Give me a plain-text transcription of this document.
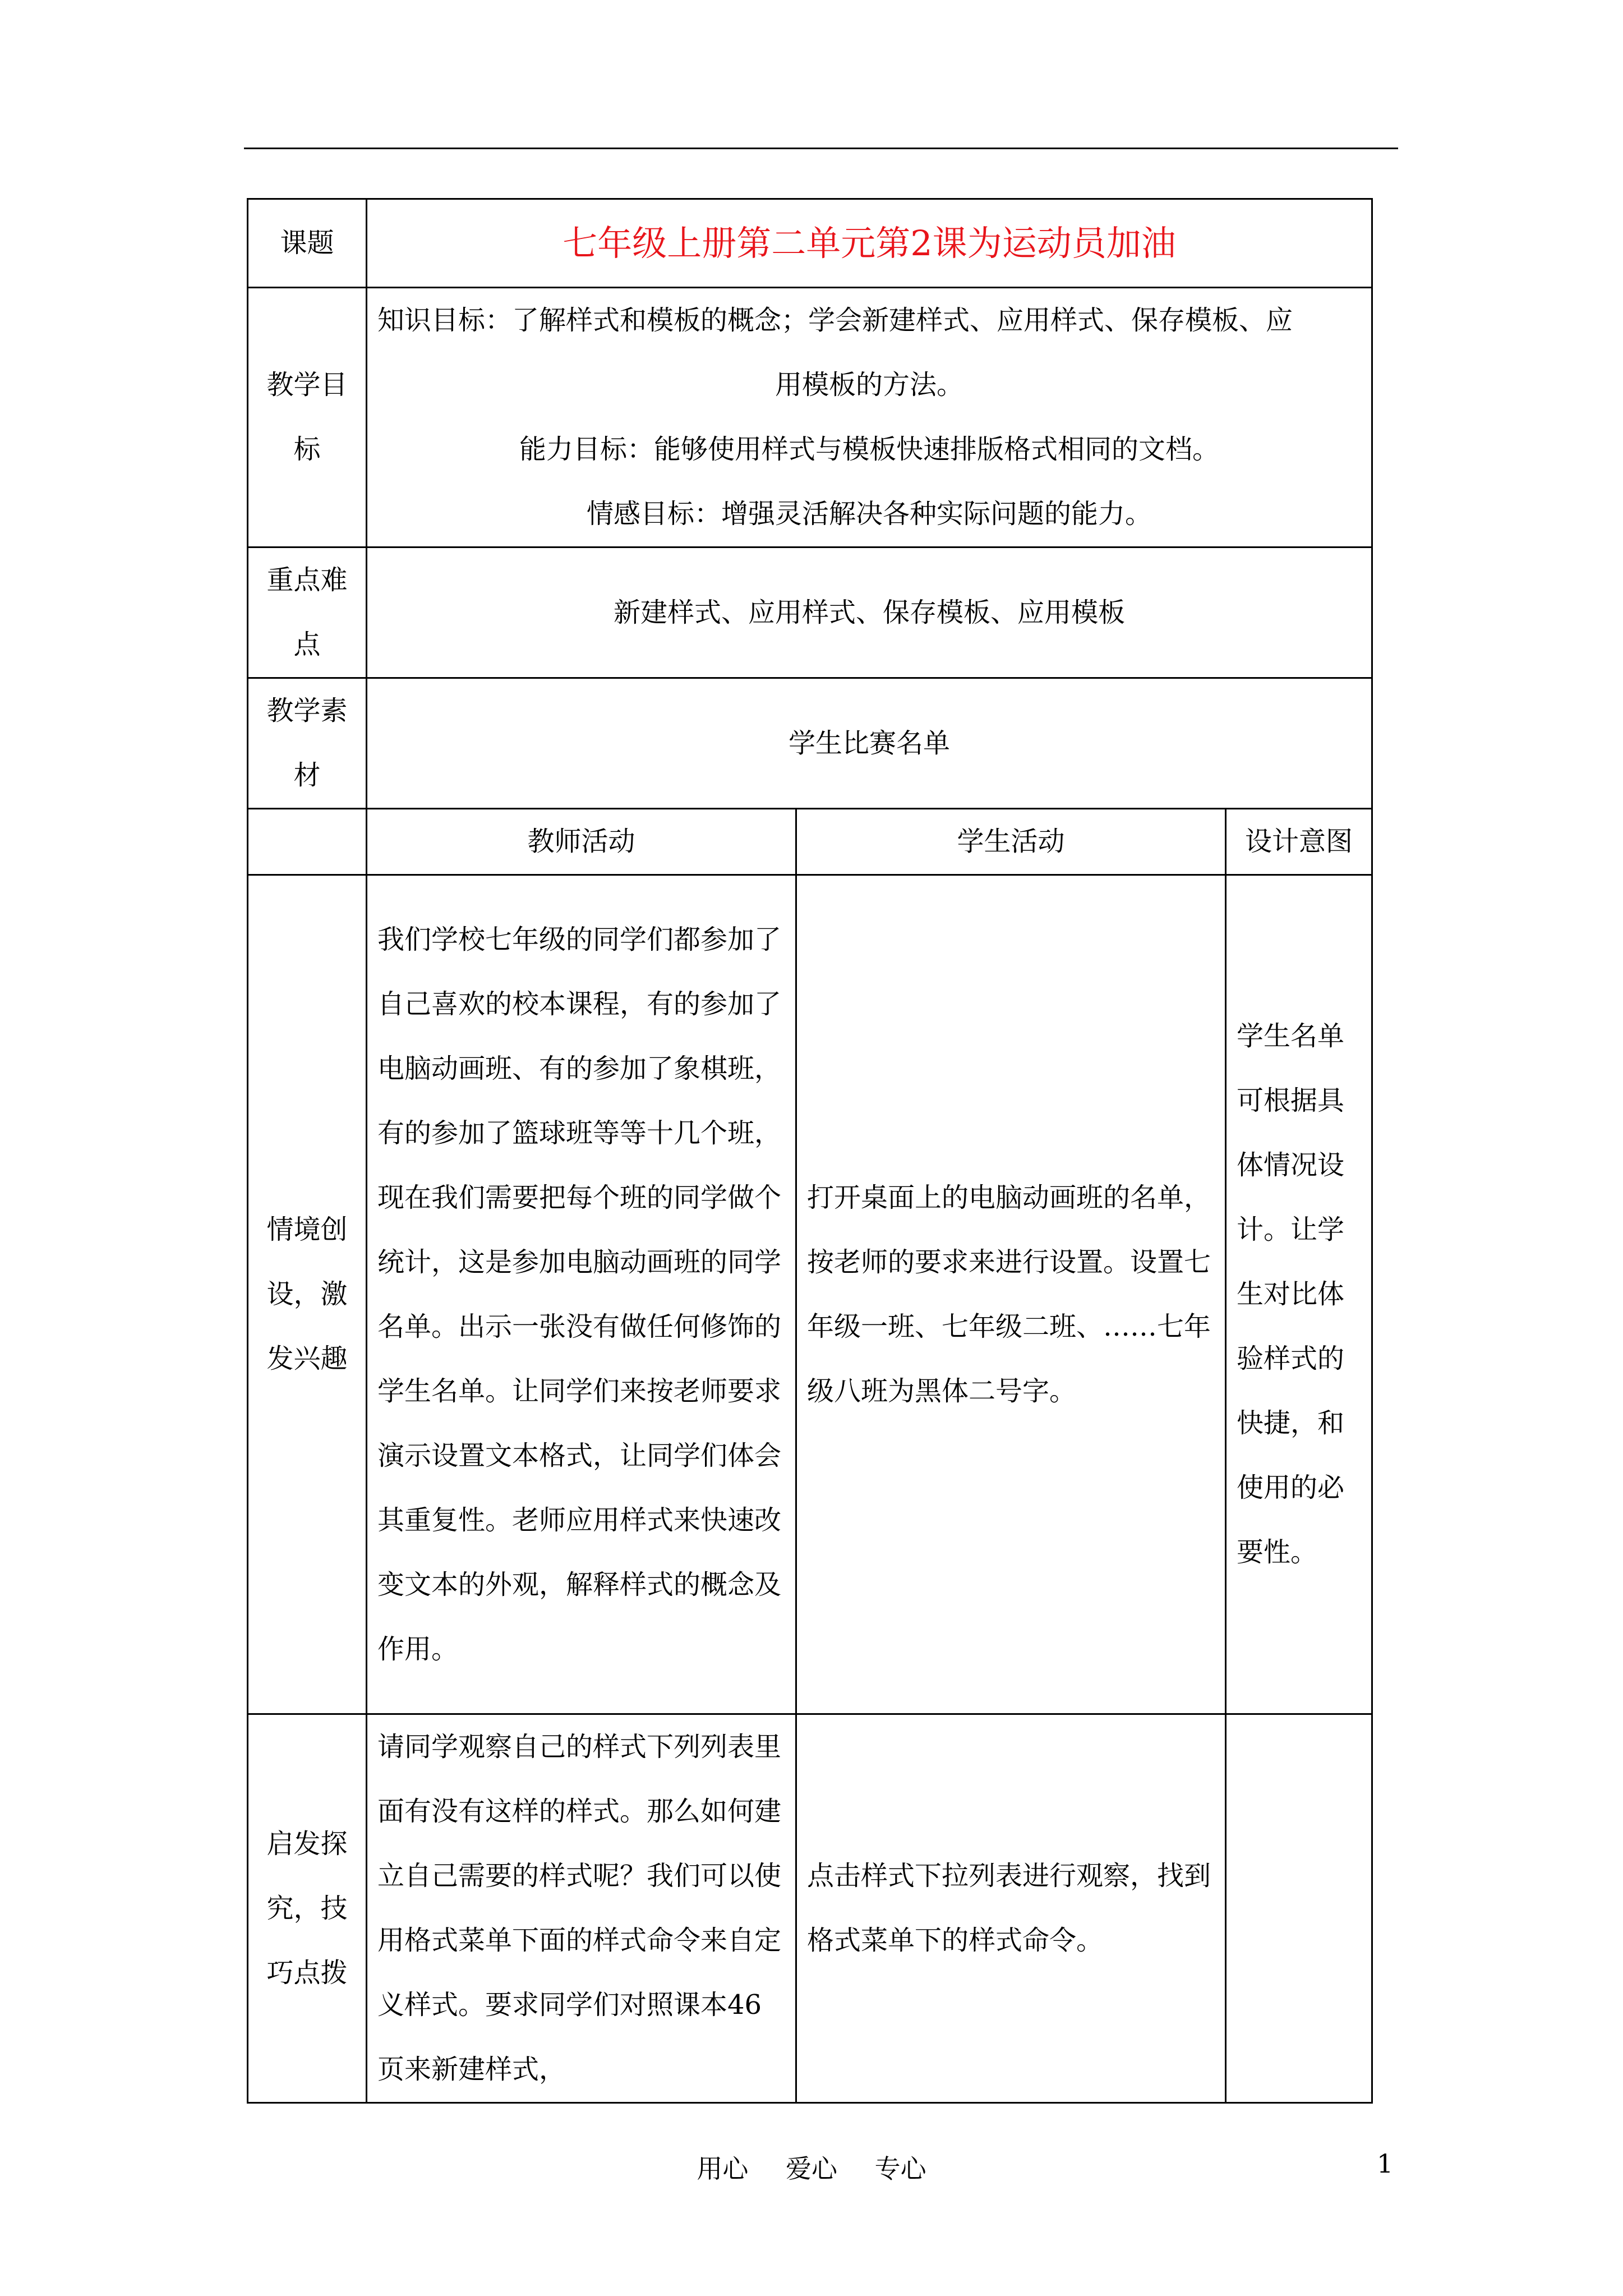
课题	七年级上册第二单元第2课为运动员加油		
教学目标	知识目标：了解样式和模板的概念；学会新建样式、应用样式、保存模板、应
用模板的方法。
能力目标：能够使用样式与模板快速排版格式相同的文档。
情感目标：增强灵活解决各种实际问题的能力。		

重点难点	新建样式、应用样式、保存模板、应用模板		
教学素材	学生比赛名单		
	教师活动	学生活动	设计意图
情境创设，激发兴趣	我们学校七年级的同学们都参加了自己喜欢的校本课程，有的参加了电脑动画班、有的参加了象棋班，有的参加了篮球班等等十几个班，现在我们需要把每个班的同学做个统计，这是参加电脑动画班的同学名单。出示一张没有做任何修饰的学生名单。让同学们来按老师要求演示设置文本格式，让同学们体会其重复性。老师应用样式来快速改变文本的外观，解释样式的概念及作用。	打开桌面上的电脑动画班的名单，按老师的要求来进行设置。设置七年级一班、七年级二班、……七年级八班为黑体二号字。	学生名单可根据具体情况设计。让学生对比体验样式的快捷，和使用的必要性。

启发探究，技巧点拨	请同学观察自己的样式下列列表里面有没有这样的样式。那么如何建立自己需要的样式呢？我们可以使用格式菜单下面的样式命令来自定义样式。要求同学们对照课本46页来新建样式，	点击样式下拉列表进行观察，找到格式菜单下的样式命令。	

用心 爱心 专心	1
